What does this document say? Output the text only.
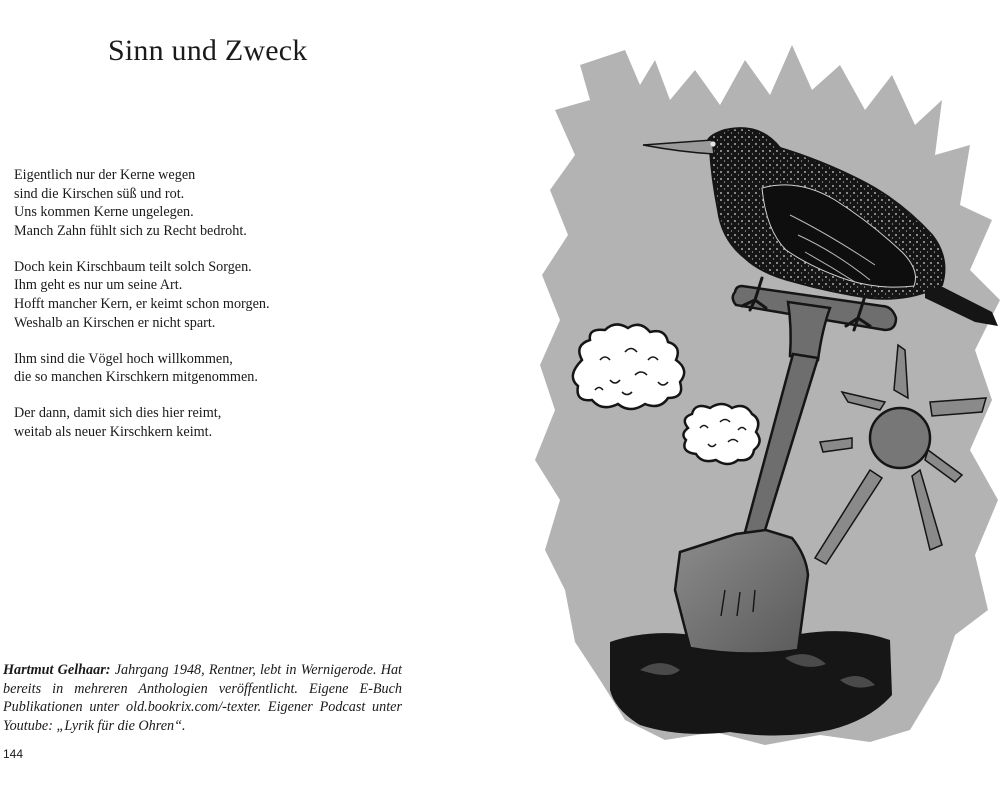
Sinn und Zweck
Eigentlich nur der Kerne wegen
sind die Kirschen süß und rot.
Uns kommen Kerne ungelegen.
Manch Zahn fühlt sich zu Recht bedroht.
Doch kein Kirschbaum teilt solch Sorgen.
Ihm geht es nur um seine Art.
Hofft mancher Kern, er keimt schon morgen.
Weshalb an Kirschen er nicht spart.
Ihm sind die Vögel hoch willkommen,
die so manchen Kirschkern mitgenommen.
Der dann, damit sich dies hier reimt,
weitab als neuer Kirschkern keimt.

Hartmut Gelhaar: Jahrgang 1948, Rentner, lebt in Wernigerode. Hat bereits in mehreren Anthologien veröffentlicht. Eigene E-Buch Publikationen unter old.bookrix.com/-texter. Eigener Podcast unter Youtube: „Lyrik für die Ohren“.

144
